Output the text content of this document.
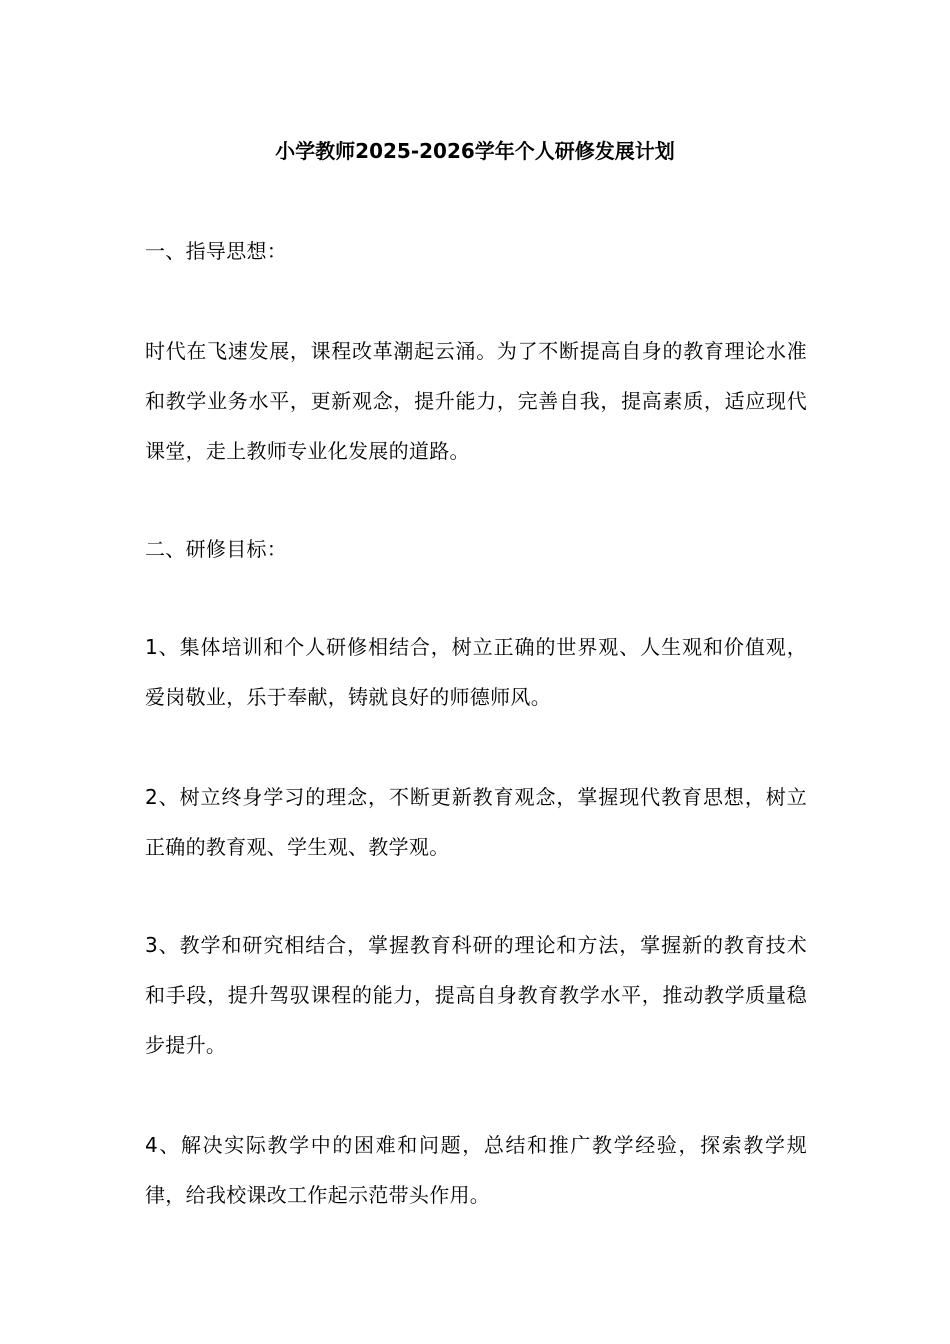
小学教师2025-2026学年个人研修发展计划

一、指导思想：

时代在飞速发展，课程改革潮起云涌。为了不断提高自身的教育理论水准和教学业务水平，更新观念，提升能力，完善自我，提高素质，适应现代课堂，走上教师专业化发展的道路。

二、研修目标：

1、集体培训和个人研修相结合，树立正确的世界观、人生观和价值观，爱岗敬业，乐于奉献，铸就良好的师德师风。

2、树立终身学习的理念，不断更新教育观念，掌握现代教育思想，树立正确的教育观、学生观、教学观。

3、教学和研究相结合，掌握教育科研的理论和方法，掌握新的教育技术和手段，提升驾驭课程的能力，提高自身教育教学水平，推动教学质量稳步提升。

4、解决实际教学中的困难和问题，总结和推广教学经验，探索教学规律，给我校课改工作起示范带头作用。
